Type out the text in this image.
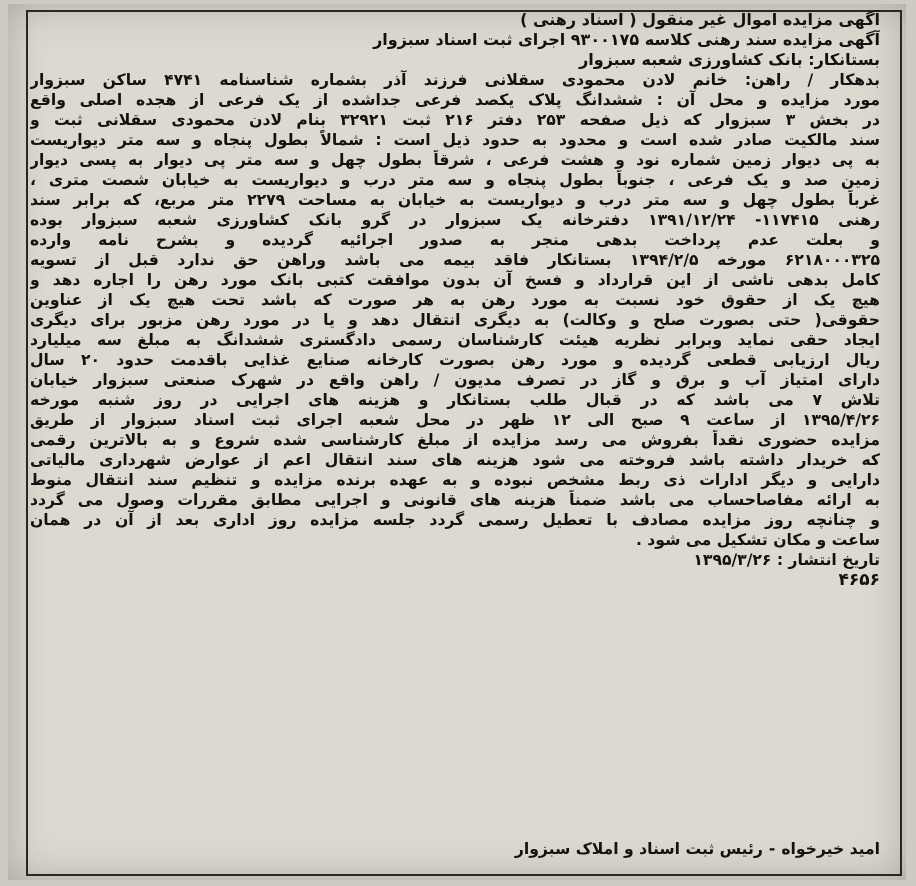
آگهی مزایده اموال غیر منقول ( اسناد رهنی )
آگهی مزایده سند رهنی کلاسه ۹۳۰۰۱۷۵ اجرای ثبت اسناد سبزوار
بستانکار: بانک کشاورزی شعبه سبزوار
بدهکار / راهن: خانم لادن محمودی سقلانی فرزند آذر بشماره شناسنامه ۴۷۴۱ ساکن سبزوار
مورد مزایده و محل آن : ششدانگ پلاک یکصد فرعی جداشده از یک فرعی از هجده اصلی واقع
در بخش ۳ سبزوار که ذیل صفحه ۲۵۳ دفتر ۲۱۶ ثبت ۳۲۹۲۱ بنام لادن محمودی سقلانی ثبت و
سند مالکیت صادر شده است و محدود به حدود ذیل است : شمالاً بطول پنجاه و سه متر دیواریست
به پی دیوار زمین شماره نود و هشت فرعی ، شرقاً بطول چهل و سه متر پی دیوار به پسی دیوار
زمین صد و یک فرعی ، جنوباً بطول پنجاه و سه متر درب و دیواریست به خیابان شصت متری ،
غرباً بطول چهل و سه متر درب و دیواریست به خیابان به مساحت ۲۲۷۹ متر مربع، که برابر سند
رهنی ۱۱۷۴۱۵- ۱۳۹۱/۱۲/۲۴ دفترخانه یک سبزوار در گرو بانک کشاورزی شعبه سبزوار بوده
و بعلت عدم پرداخت بدهی منجر به صدور اجرائیه گردیده و بشرح نامه وارده
۶۲۱۸۰۰۰۳۲۵ مورخه ۱۳۹۴/۲/۵ بستانکار فاقد بیمه می باشد وراهن حق ندارد قبل از تسویه
کامل بدهی ناشی از این قرارداد و فسخ آن بدون موافقت کتبی بانک مورد رهن را اجاره دهد و
هیچ یک از حقوق خود نسبت به مورد رهن به هر صورت که باشد تحت هیچ یک از عناوین
حقوقی( حتی بصورت صلح و وکالت) به دیگری انتقال دهد و یا در مورد رهن مزبور برای دیگری
ایجاد حقی نماید وبرابر نظریه هیئت کارشناسان رسمی دادگستری ششدانگ به مبلغ سه میلیارد
ریال ارزیابی قطعی گردیده و مورد رهن بصورت کارخانه صنایع غذایی باقدمت حدود ۲۰ سال
دارای امتیاز آب و برق و گاز در تصرف مدیون / راهن واقع در شهرک صنعتی سبزوار خیابان
تلاش ۷ می باشد که در قبال طلب بستانکار و هزینه های اجرایی در روز شنبه مورخه
۱۳۹۵/۴/۲۶ از ساعت ۹ صبح الی ۱۲ ظهر در محل شعبه اجرای ثبت اسناد سبزوار از طریق
مزایده حضوری نقداً بفروش می رسد مزایده از مبلغ کارشناسی شده شروع و به بالاترین رقمی
که خریدار داشته باشد فروخته می شود هزینه های سند انتقال اعم از عوارض شهرداری مالیاتی
دارایی و دیگر ادارات ذی ربط مشخص نبوده و به عهده برنده مزایده و تنظیم سند انتقال منوط
به ارائه مفاصاحساب می باشد ضمناً هزینه های قانونی و اجرایی مطابق مقررات وصول می گردد
و چنانچه روز مزایده مصادف با تعطیل رسمی گردد جلسه مزایده روز اداری بعد از آن در همان
ساعت و مکان تشکیل می شود .
تاریخ انتشار : ۱۳۹۵/۳/۲۶
۴۶۵۶
امید خیرخواه-رئیس ثبت اسناد و املاک سبزوار
